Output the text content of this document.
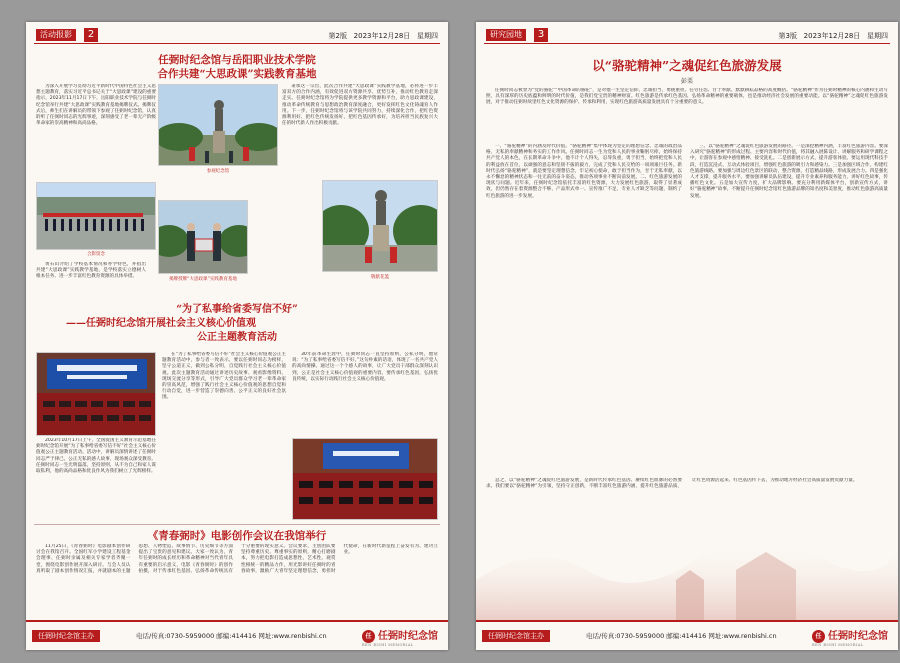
活动报影	2	第2版 2023年12月28日 星期四
任弼时纪念馆与岳阳职业技术学院
合作共建“大思政课”实践教育基地
为深入开展学习贯彻习近平新时代中国特色社会主义思想主题教育，落实习近平总书记关于“大思政课”建设的重要指示，2023年11月17日下午，岳阳职业技术学院与任弼时纪念馆举行共建“大思政课”实践教育基地揭牌仪式。揭牌仪式后，师生们在讲解员的带领下参观了任弼时纪念馆，认真聆听了任弼时同志的光辉事迹，深刻感受了老一辈无产阶级革命家的崇高精神和高尚品格。
参观纪念馆
秉承这一宗旨，此次合作共建“大思政课”实践教学基地，必将进一步丰富双方的合作内涵，有效促进双方资源共享、优势互补，推动红色教育走深走实。任弼时纪念馆将为学院提供更多教学资源和平台，助力思政课建设，推动革命传统教育与思想政治教育深度融合，更好发挥红色文化铸魂育人作用。下一步，任弼时纪念馆将与该学院共同努力，持续深化合作，把红色资源利用好、把红色传统发扬好、把红色基因传承好，为培养担当民族复兴大任的时代新人作出积极贡献。
合影留念
揭牌授牌“大思政课”实践教育基地	敬献花篮
黄石山介绍了学校基本情况和办学特色，并指出共建“大思政课”实践教学基地，是学校落实立德树人根本任务、进一步丰富红色教育资源的具体举措。
“为了私事给省委写信不好”
——任弼时纪念馆开展社会主义核心价值观
公正主题教育活动
2023年10月17日上午，全国爱国主义教育示范基地任弼时纪念馆开展“为了私事给省委写信不好”社会主义核心价值观公正主题教育活动。活动中，讲解员深情讲述了任弼时同志严于律己、公正无私的感人故事，现场观众深受教育。任弼时同志一生光明磊落，坚持原则，从不为自己和家人谋取私利，他的高尚品格和优良作风为我们树立了光辉榜样。
在“为了私事给省委写信不好”社会主义核心价值观公正主题教育活动中，参与者一致表示，要以任弼时同志为榜样，坚守公道正义，做到公私分明，自觉践行社会主义核心价值观。此次主题教育活动通过讲述历史故事、观看影像资料、现场交流分享等形式，引导广大党员群众学习老一辈革命家的崇高风范，增强了践行社会主义核心价值观的思想自觉和行动自觉，进一步营造了崇德向善、公平正义的良好社会氛围。
30年前革命生涯中，任弼时同志一直坚持原则、公私分明，他常说：“为了私事给省委写信不好。”这句朴素的话语，体现了一名共产党人的高尚情操。通过这一个个感人的故事，让广大党员干部群众深刻认识到，公正是社会主义核心价值观的重要内容，要传承红色基因，弘扬优良传统，以实际行动践行社会主义核心价值观。
《青春弼时》电影创作会议在我馆举行
11月25日，《青春弼时》电影剧本创作研讨会在我馆召开。全国红军小学建设工程基金会理事、任弼时亲属及相关专家学者齐聚一堂，围绕电影创作展开深入研讨。与会人员认真听取了剧本创作情况汇报，并就剧本的主题思想、人物塑造、故事情节、历史细节等方面提出了宝贵的意见和建议。大家一致认为，青年任弼时的成长经历和革命精神对当代青年具有重要的启示意义，电影《青春弼时》的创作拍摄，对于传承红色基因、弘扬革命传统具有十分重要的现实意义。会议要求，主创团队要坚持尊重历史、尊重事实的原则，精心打磨剧本，努力把电影打造成思想性、艺术性、观赏性相统一的精品力作，用光影讲好任弼时的青春故事，激励广大青年坚定理想信念，勇担时代使命，在新时代新征程上奋发有为、建功立业。
任弼时纪念馆主办	电话/传真:0730-5959000 邮编:414416 网址:www.renbishi.cn	任 任弼时纪念馆
REN BISHI MEMORIAL
研究园地	3	第3版 2023年12月28日 星期四
以“骆驼精神”之魂促红色旅游发展
彭栗
任弼时同志被誉为“党的骆驼”“中国革命的骆驼”，是对他一生坚定信仰、忠诚担当、勇挑重担、任劳任怨、甘于奉献、默默耕耘品格的高度概括。“骆驼精神”作为任弼时精神的核心内涵和生动写照，具有深厚的历史底蕴和鲜明的时代价值，是我们党宝贵的精神财富。红色旅游是传承红色基因、弘扬革命精神的重要载体，也是推动经济社会发展的重要动能。以“骆驼精神”之魂促红色旅游发展，对于推动任弼时故里红色文化资源的保护、传承和利用，实现红色旅游高质量发展具有十分重要的意义。
一、“骆驼精神”的内涵及时代价值。“骆驼精神”集中体现为坚定的理想信念、忠诚的政治品格、无私的奉献精神和务实的工作作风。任弼时同志一生为党和人民的事业鞠躬尽瘁，始终保持共产党人的本色，在长期革命斗争中，他不计个人得失，忍辱负重，勇于担当，始终把党和人民的利益放在首位，以顽强的意志和坚韧不拔的毅力，完成了党和人民交给的一项项艰巨任务。新时代弘扬“骆驼精神”，就是要坚定理想信念，牢记初心使命，敢于担当作为，甘于无私奉献，以永不懈怠的精神状态和一往无前的奋斗姿态，推动各项事业不断向前发展。二、红色旅游发展的现状与问题。近年来，任弼时纪念馆依托丰富的红色资源，大力发展红色旅游，取得了显著成效，但仍然存在着资源整合不够、产品形式单一、宣传推广不足、专业人才缺乏等问题，制约了红色旅游的进一步发展。
三、以“骆驼精神”之魂促红色旅游发展的路径。一是深挖精神内涵，丰富红色旅游内容。要深入研究“骆驼精神”的形成过程、主要内容和时代价值，将其融入展陈设计、讲解服务和研学课程之中，让游客在参观中感悟精神、接受洗礼。二是创新展示方式，提升游客体验。要运用现代科技手段，打造沉浸式、互动式体验项目，增强红色旅游的吸引力和感染力。三是加强区域合作，构建红色旅游线路。要加强与周边红色景区的联动，整合资源，打造精品线路，形成发展合力。四是强化人才支撑，提升服务水平。要加强讲解员队伍建设，提升专业素养和服务能力，讲好红色故事，传播红色文化。五是加大宣传力度，扩大品牌影响。要充分利用新媒体平台，创新宣传方式，讲好“骆驼精神”故事，不断提升任弼时纪念馆红色旅游品牌的知名度和美誉度，推动红色旅游高质量发展。
总之，以“骆驼精神”之魂促红色旅游发展，是新时代传承红色基因、赓续红色血脉的必然要求。我们要以“骆驼精神”为引领，坚持守正创新，不断丰富红色旅游内涵，提升红色旅游品质，让红色资源活起来、红色基因传下去，为推动地方经济社会高质量发展贡献力量。
任弼时纪念馆主办	电话/传真:0730-5959000 邮编:414416 网址:www.renbishi.cn	任 任弼时纪念馆
REN BISHI MEMORIAL
